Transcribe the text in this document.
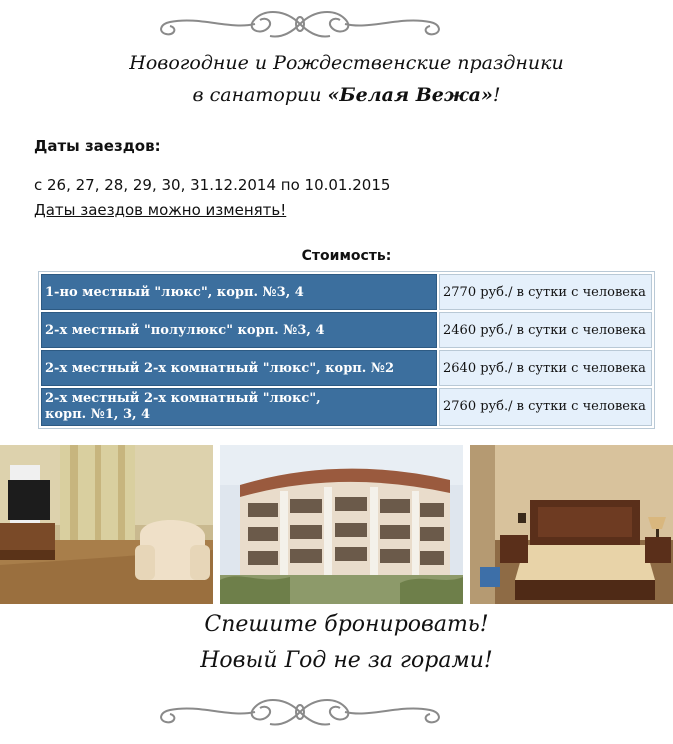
Новогодние и Рождественские праздники
в санатории «Белая Вежа»!
Даты заездов:
с 26, 27, 28, 29, 30, 31.12.2014 по 10.01.2015
Даты заездов можно изменять!
Стоимость:
1-но местный "люкс", корп. №3, 4	2770 руб./ в сутки с человека
2-х местный "полулюкс" корп. №3, 4	2460 руб./ в сутки с человека
2-х местный 2-х комнатный "люкс", корп. №2	2640 руб./ в сутки с человека
2-х местный 2-х комнатный "люкс",
корп. №1, 3, 4	2760 руб./ в сутки с человека
Спешите бронировать!
Новый Год не за горами!
